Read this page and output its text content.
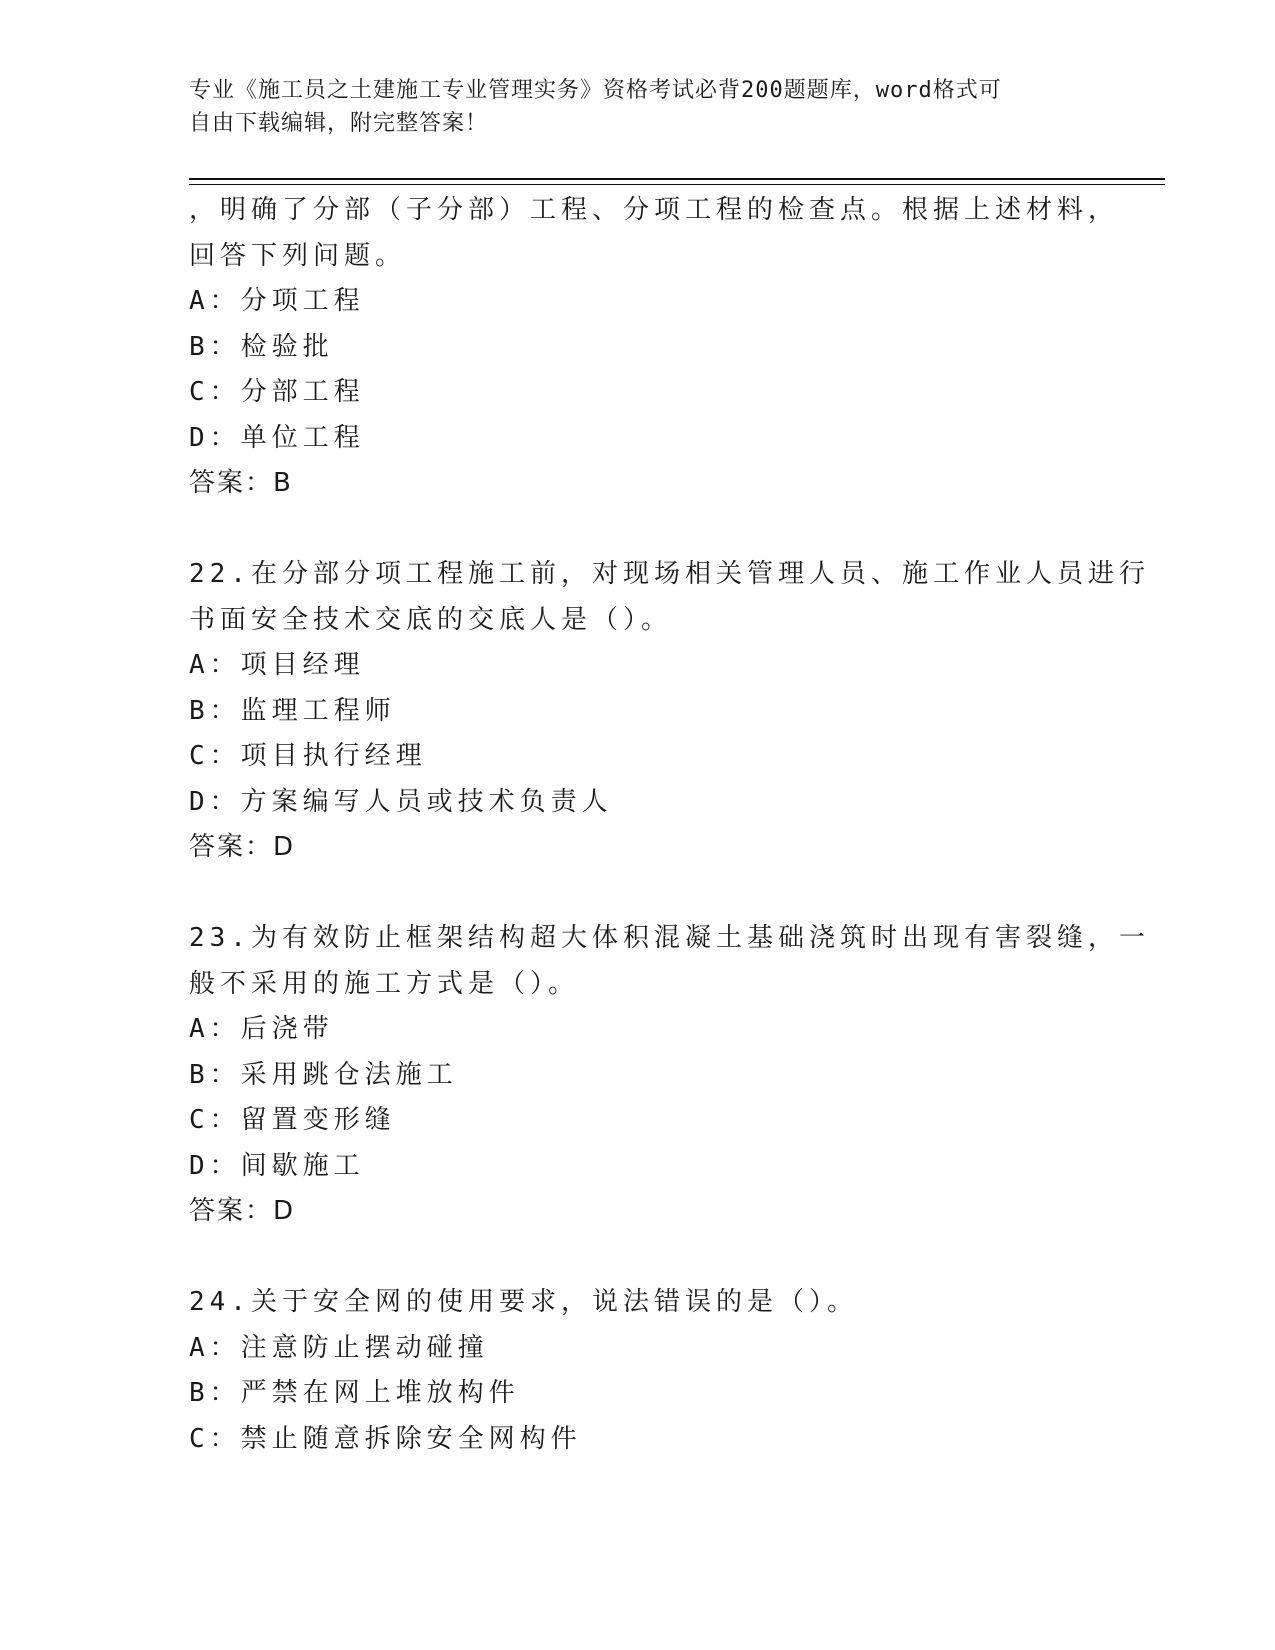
专业《施工员之土建施工专业管理实务》资格考试必背200题题库，word格式可
自由下载编辑，附完整答案！
，明确了分部（子分部）工程、分项工程的检查点。根据上述材料，
回答下列问题。
A：分项工程
B：检验批
C：分部工程
D：单位工程
答案：B
22.在分部分项工程施工前，对现场相关管理人员、施工作业人员进行
书面安全技术交底的交底人是（）。
A：项目经理
B：监理工程师
C：项目执行经理
D：方案编写人员或技术负责人
答案：D
23.为有效防止框架结构超大体积混凝土基础浇筑时出现有害裂缝，一
般不采用的施工方式是（）。
A：后浇带
B：采用跳仓法施工
C：留置变形缝
D：间歇施工
答案：D
24.关于安全网的使用要求，说法错误的是（）。
A：注意防止摆动碰撞
B：严禁在网上堆放构件
C：禁止随意拆除安全网构件
